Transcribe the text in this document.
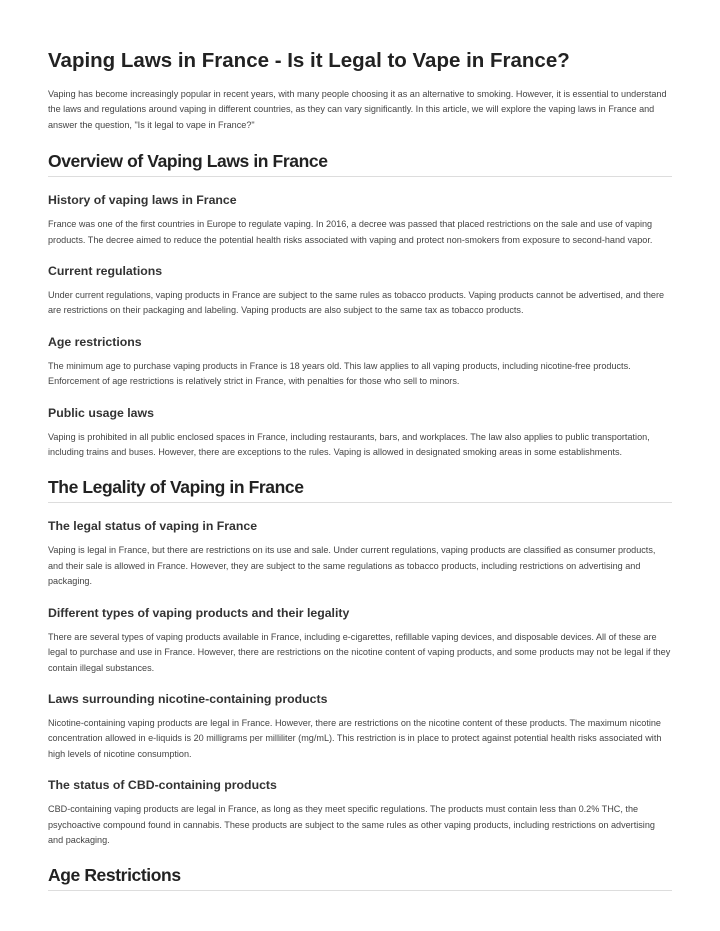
Vaping Laws in France - Is it Legal to Vape in France?

Vaping has become increasingly popular in recent years, with many people choosing it as an alternative to smoking. However, it is essential to understand the laws and regulations around vaping in different countries, as they can vary significantly. In this article, we will explore the vaping laws in France and answer the question, "Is it legal to vape in France?"

Overview of Vaping Laws in France
History of vaping laws in France

France was one of the first countries in Europe to regulate vaping. In 2016, a decree was passed that placed restrictions on the sale and use of vaping products. The decree aimed to reduce the potential health risks associated with vaping and protect non-smokers from exposure to second-hand vapor.

Current regulations

Under current regulations, vaping products in France are subject to the same rules as tobacco products. Vaping products cannot be advertised, and there are restrictions on their packaging and labeling. Vaping products are also subject to the same tax as tobacco products.

Age restrictions

The minimum age to purchase vaping products in France is 18 years old. This law applies to all vaping products, including nicotine-free products. Enforcement of age restrictions is relatively strict in France, with penalties for those who sell to minors.

Public usage laws

Vaping is prohibited in all public enclosed spaces in France, including restaurants, bars, and workplaces. The law also applies to public transportation, including trains and buses. However, there are exceptions to the rules. Vaping is allowed in designated smoking areas in some establishments.

The Legality of Vaping in France
The legal status of vaping in France

Vaping is legal in France, but there are restrictions on its use and sale. Under current regulations, vaping products are classified as consumer products, and their sale is allowed in France. However, they are subject to the same regulations as tobacco products, including restrictions on advertising and packaging.

Different types of vaping products and their legality

There are several types of vaping products available in France, including e-cigarettes, refillable vaping devices, and disposable devices. All of these are legal to purchase and use in France. However, there are restrictions on the nicotine content of vaping products, and some products may not be legal if they contain illegal substances.

Laws surrounding nicotine-containing products

Nicotine-containing vaping products are legal in France. However, there are restrictions on the nicotine content of these products. The maximum nicotine concentration allowed in e-liquids is 20 milligrams per milliliter (mg/mL). This restriction is in place to protect against potential health risks associated with high levels of nicotine consumption.

The status of CBD-containing products

CBD-containing vaping products are legal in France, as long as they meet specific regulations. The products must contain less than 0.2% THC, the psychoactive compound found in cannabis. These products are subject to the same rules as other vaping products, including restrictions on advertising and packaging.

Age Restrictions
